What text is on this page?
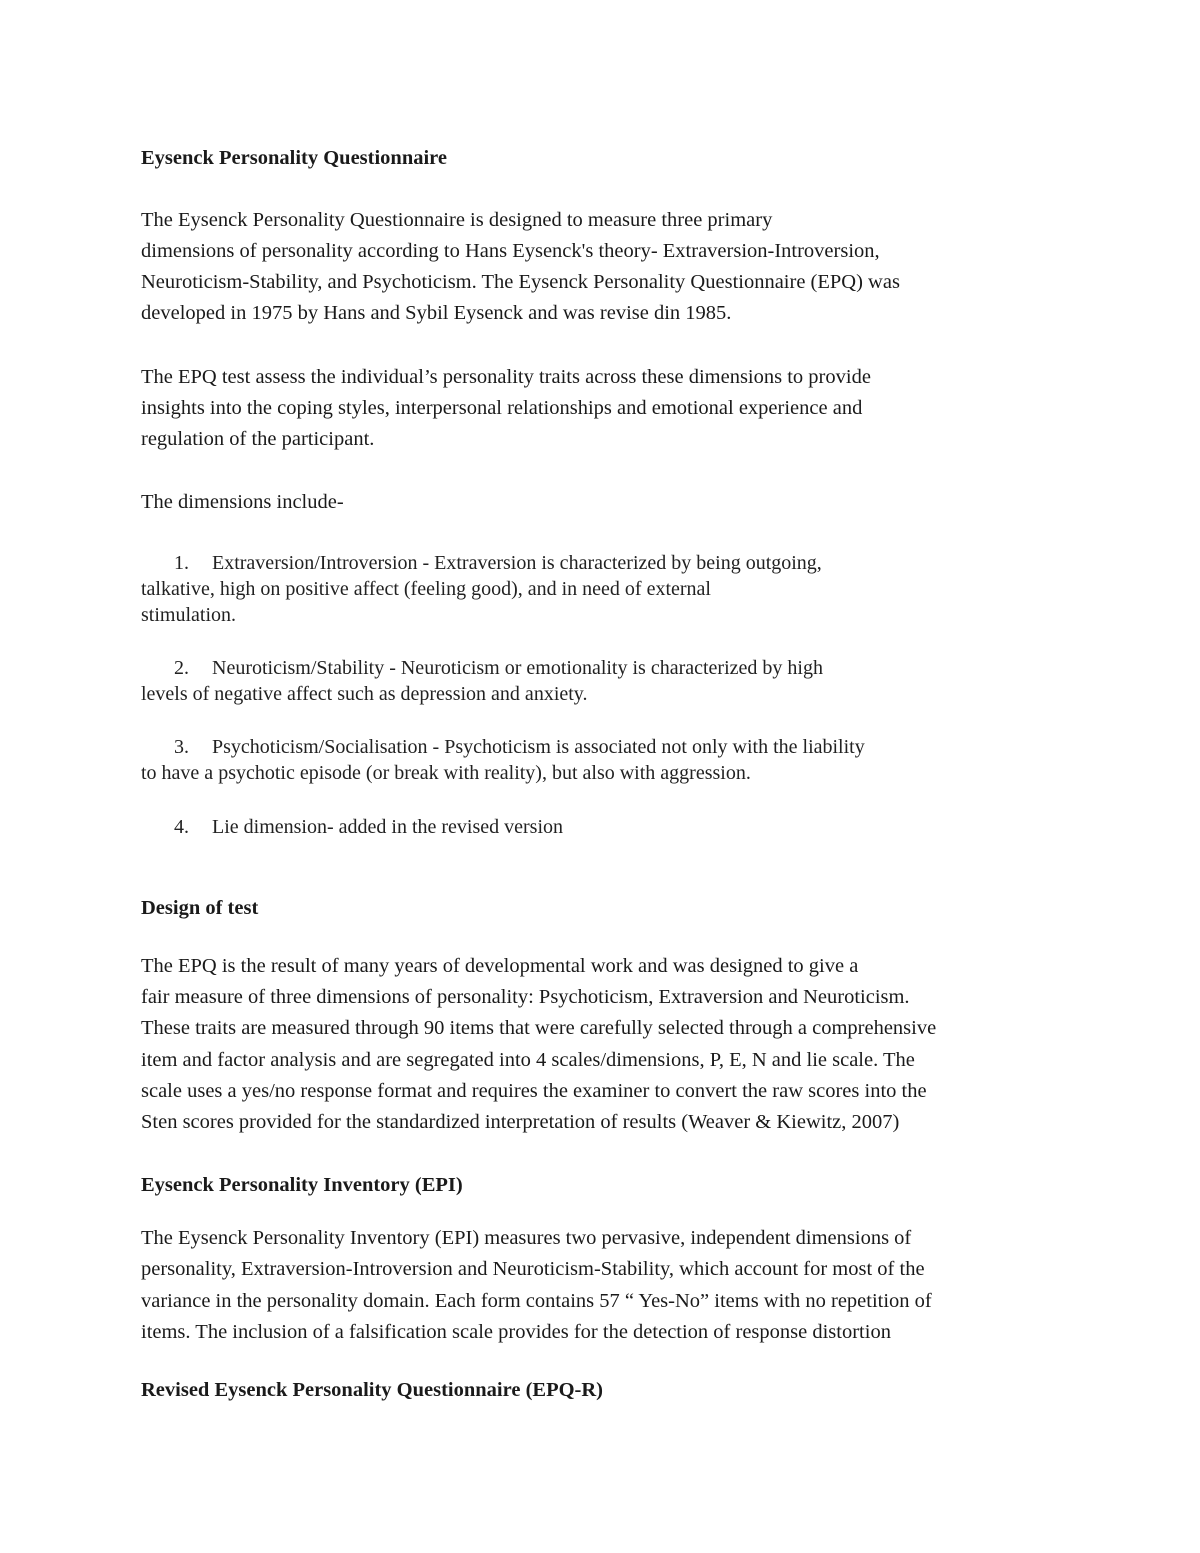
Eysenck Personality Questionnaire
The Eysenck Personality Questionnaire is designed to measure three primary
dimensions of personality according to Hans Eysenck's theory- Extraversion-Introversion,
Neuroticism-Stability, and Psychoticism. The Eysenck Personality Questionnaire (EPQ) was
developed in 1975 by Hans and Sybil Eysenck and was revise din 1985.
The EPQ test assess the individual’s personality traits across these dimensions to provide
insights into the coping styles, interpersonal relationships and emotional experience and
regulation of the participant.
The dimensions include-
1. Extraversion/Introversion - Extraversion is characterized by being outgoing,
talkative, high on positive affect (feeling good), and in need of external
stimulation.
2. Neuroticism/Stability - Neuroticism or emotionality is characterized by high
levels of negative affect such as depression and anxiety.
3. Psychoticism/Socialisation - Psychoticism is associated not only with the liability
to have a psychotic episode (or break with reality), but also with aggression.
4. Lie dimension- added in the revised version
Design of test
The EPQ is the result of many years of developmental work and was designed to give a
fair measure of three dimensions of personality: Psychoticism, Extraversion and Neuroticism.
These traits are measured through 90 items that were carefully selected through a comprehensive
item and factor analysis and are segregated into 4 scales/dimensions, P, E, N and lie scale. The
scale uses a yes/no response format and requires the examiner to convert the raw scores into the
Sten scores provided for the standardized interpretation of results (Weaver & Kiewitz, 2007)
Eysenck Personality Inventory (EPI)
The Eysenck Personality Inventory (EPI) measures two pervasive, independent dimensions of
personality, Extraversion-Introversion and Neuroticism-Stability, which account for most of the
variance in the personality domain. Each form contains 57 “ Yes-No” items with no repetition of
items. The inclusion of a falsification scale provides for the detection of response distortion
Revised Eysenck Personality Questionnaire (EPQ-R)
